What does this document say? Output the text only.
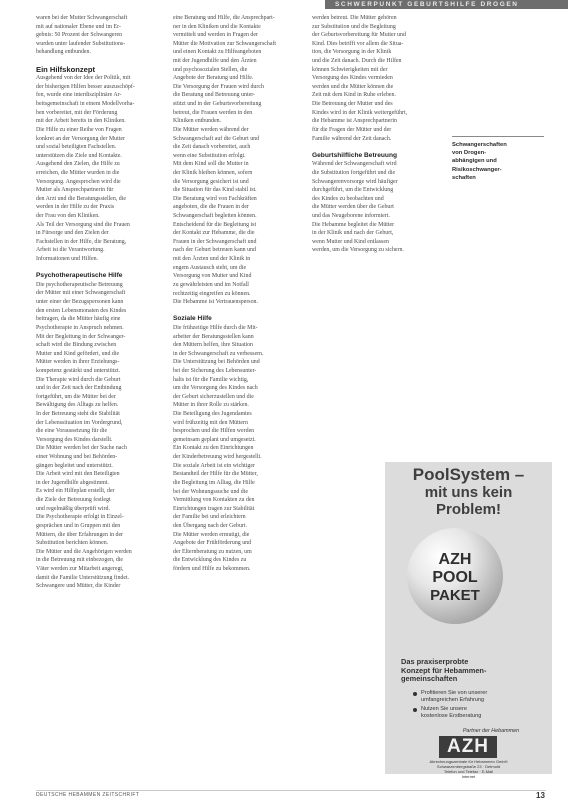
SCHWERPUNKT GEBURTSHILFE DROGEN
waren bei der Mutter Schwangerschaft
mit auf nationaler Ebene und im Er-
gebnis: 50 Prozent der Schwangeren
wurden unter laufender Substitutions-
behandlung entbunden.
Ein Hilfskonzept
Ausgehend von der Idee der Politik, mit
der bisherigen Hilfen besser auszuschöpf-
fen, wurde eine interdisziplinäre Ar-
beitsgemeinschaft in einem Modellvorha-
ben vorbereitet, mit der Förderung
mit der Arbeit bereits in den Kliniken.
Die Hilfe zu einer Reihe von Fragen
konkret an der Versorgung der Mutter
und sozial beteiligten Fachstellen.
unterstützen die Ziele und Kontakte.
Ausgehend den Zielen, die Hilfe zu
erreichen, die Mütter wurden in die
Versorgung. Angesprochen wird die
Mutter als Ansprechpartnerin für
den Arzt und die Beratungsstellen, die
werden in der Hilfe zu der Praxis
der Frau von den Kliniken.
Als Teil der Versorgung sind die Frauen
in Fürsorge und den Zielen der
Fachstellen in der Hilfe, die Beratung,
Arbeit ist die Verantwortung.
Informationen und Hilfen.
Psychotherapeutische Hilfe
Die psychotherapeutische Betreuung
der Mütter mit einer Schwangerschaft
unter einer der Bezugspersonen kann
den ersten Lebensmonaten des Kindes
beitragen, da die Mütter häufig eine
Psychotherapie in Anspruch nehmen.
Mit der Begleitung in der Schwanger-
schaft wird die Bindung zwischen
Mutter und Kind gefördert, und die
Mütter werden in ihrer Erziehungs-
kompetenz gestärkt und unterstützt.
Die Therapie wird durch die Geburt
und in der Zeit nach der Entbindung
fortgeführt, um die Mütter bei der
Bewältigung des Alltags zu helfen.
In der Betreuung steht die Stabilität
der Lebenssituation im Vordergrund,
die eine Voraussetzung für die
Versorgung des Kindes darstellt.
Die Mütter werden bei der Suche nach
einer Wohnung und bei Behörden-
gängen begleitet und unterstützt.
Die Arbeit wird mit den Beteiligten
in der Jugendhilfe abgestimmt.
Es wird ein Hilfeplan erstellt, der
die Ziele der Betreuung festlegt
und regelmäßig überprüft wird.
Die Psychotherapie erfolgt in Einzel-
gesprächen und in Gruppen mit den
Müttern, die über Erfahrungen in der
Substitution berichten können.
Die Mütter und die Angehörigen werden
in die Betreuung mit einbezogen, die
Väter werden zur Mitarbeit angeregt,
damit die Familie Unterstützung findet.
Schwangere und Mütter, die Kinder
eine Beratung und Hilfe, die Ansprechpart-
ner in den Kliniken und die Kontakte
vermittelt und werden in Fragen der
Mütter die Motivation zur Schwangerschaft
und einen Kontakt zu Hilfeangeboten
mit der Jugendhilfe und den Ärzten
und psychosozialen Stellen, die
Angebote der Beratung und Hilfe.
Die Versorgung der Frauen wird durch
die Beratung und Betreuung unter-
stützt und in der Geburtsvorbereitung
betreut, die Frauen werden in den
Kliniken entbunden.
Die Mütter werden während der
Schwangerschaft auf die Geburt und
die Zeit danach vorbereitet, auch
wenn eine Substitution erfolgt.
Mit dem Kind soll die Mutter in
der Klinik bleiben können, sofern
die Versorgung gesichert ist und
die Situation für das Kind stabil ist.
Die Beratung wird von Fachkräften
angeboten, die die Frauen in der
Schwangerschaft begleiten können.
Entscheidend für die Begleitung ist
der Kontakt zur Hebamme, die die
Frauen in der Schwangerschaft und
nach der Geburt betreuen kann und
mit den Ärzten und der Klinik in
engem Austausch steht, um die
Versorgung von Mutter und Kind
zu gewährleisten und im Notfall
rechtzeitig eingreifen zu können.
Die Hebamme ist Vertrauensperson.
Soziale Hilfe
Die frühzeitige Hilfe durch die Mit-
arbeiter der Beratungsstellen kann
den Müttern helfen, ihre Situation
in der Schwangerschaft zu verbessern.
Die Unterstützung bei Behörden und
bei der Sicherung des Lebensunter-
halts ist für die Familie wichtig,
um die Versorgung des Kindes nach
der Geburt sicherzustellen und die
Mütter in ihrer Rolle zu stärken.
Die Beteiligung des Jugendamtes
wird frühzeitig mit den Müttern
besprochen und die Hilfen werden
gemeinsam geplant und umgesetzt.
Ein Kontakt zu den Einrichtungen
der Kinderbetreuung wird hergestellt.
Die soziale Arbeit ist ein wichtiger
Bestandteil der Hilfe für die Mütter,
die Begleitung im Alltag, die Hilfe
bei der Wohnungssuche und die
Vermittlung von Kontakten zu den
Einrichtungen tragen zur Stabilität
der Familie bei und erleichtern
den Übergang nach der Geburt.
Die Mütter werden ermutigt, die
Angebote der Frühförderung und
der Elternberatung zu nutzen, um
die Entwicklung des Kindes zu
fördern und Hilfe zu bekommen.
werden betreut. Die Mütter gehören
zur Substitution und die Begleitung
der Geburtsvorbereitung für Mutter und
Kind. Dies betrifft vor allem die Situa-
tion, die Versorgung in der Klinik
und die Zeit danach. Durch die Hilfen
können Schwierigkeiten mit der
Versorgung des Kindes vermieden
werden und die Mütter können die
Zeit mit dem Kind in Ruhe erleben.
Die Betreuung der Mutter und des
Kindes wird in der Klinik weitergeführt,
die Hebamme ist Ansprechpartnerin
für die Fragen der Mütter und der
Familie während der Zeit danach.
Geburtshilfliche Betreuung
Während der Schwangerschaft wird
die Substitution fortgeführt und die
Schwangerenvorsorge wird häufiger
durchgeführt, um die Entwicklung
des Kindes zu beobachten und
die Mütter werden über die Geburt
und das Neugeborene informiert.
Die Hebamme begleitet die Mütter
in der Klinik und nach der Geburt,
wenn Mutter und Kind entlassen
werden, um die Versorgung zu sichern.
Schwangerschaften
von Drogen-
abhängigen und
Risikoschwanger-
schaften
PoolSystem –
mit uns kein
Problem!
AZH
POOL
PAKET
Das praxiserprobte
Konzept für Hebammen-
gemeinschaften
Profitieren Sie von unserer
umfangreichen Erfahrung
Nutzen Sie unsere
kostenlose Erstberatung
Partner der Hebammen
AZH
Abrechnungszentrale für Hebammen GmbH
Schwarzenbergstraße 23 · Detmold
Telefon und Telefax · E-Mail
Internet
DEUTSCHE HEBAMMEN ZEITSCHRIFT	13
